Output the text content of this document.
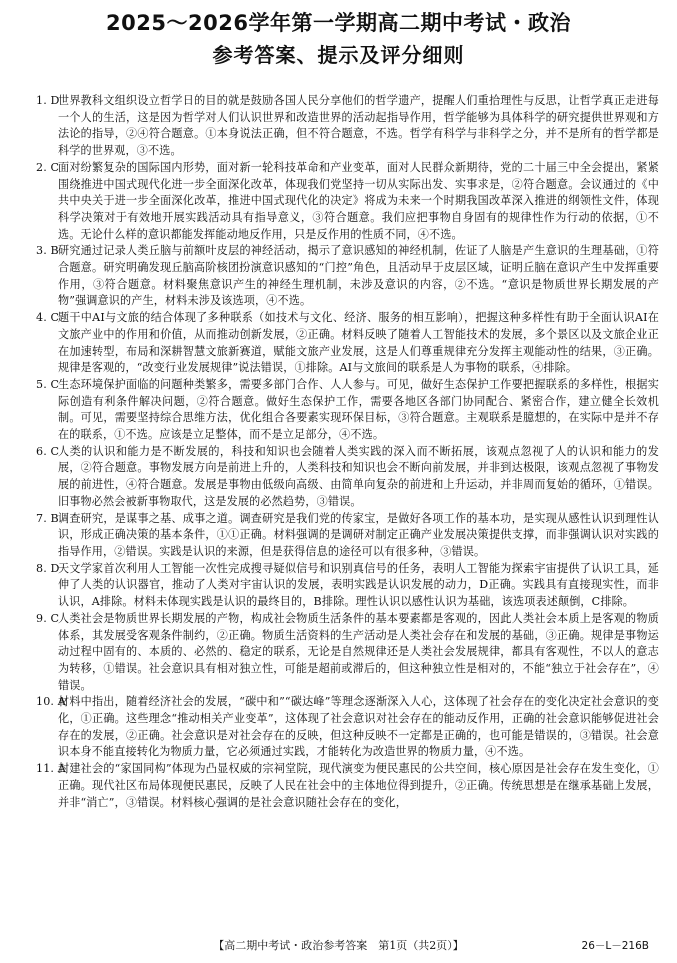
2025～2026学年第一学期高二期中考试・政治
参考答案、提示及评分细则

1. D
世界教科文组织设立哲学日的目的就是鼓励各国人民分享他们的哲学遗产，提醒人们重拾理性与反思，让哲学真正走进每一个人的生活，这是因为哲学对人们认识世界和改造世界的活动起指导作用，哲学能够为具体科学的研究提供世界观和方法论的指导，②④符合题意。①本身说法正确，但不符合题意，不选。哲学有科学与非科学之分，并不是所有的哲学都是科学的世界观，③不选。

2. C
面对纷繁复杂的国际国内形势，面对新一轮科技革命和产业变革，面对人民群众新期待，党的二十届三中全会提出，紧紧围绕推进中国式现代化进一步全面深化改革，体现我们党坚持一切从实际出发、实事求是，②符合题意。会议通过的《中共中央关于进一步全面深化改革，推进中国式现代化的决定》将成为未来一个时期我国改革深入推进的纲领性文件，体现科学决策对于有效地开展实践活动具有指导意义，③符合题意。我们应把事物自身固有的规律性作为行动的依据，①不选。无论什么样的意识都能发挥能动地反作用，只是反作用的性质不同，④不选。

3. B 研究通过记录人类丘脑与前额叶皮层的神经活动，揭示了意识感知的神经机制，佐证了人脑是产生意识的生理基础，①符合题意。研究明确发现丘脑高阶核团扮演意识感知的“门控”角色，且活动早于皮层区域，证明丘脑在意识产生中发挥重要作用，③符合题意。材料聚焦意识产生的神经生理机制，未涉及意识的内容，②不选。“意识是物质世界长期发展的产物”强调意识的产生，材料未涉及该选项，④不选。

4. C
题干中AI与文旅的结合体现了多种联系（如技术与文化、经济、服务的相互影响），把握这种多样性有助于全面认识AI在文旅产业中的作用和价值，从而推动创新发展，②正确。材料反映了随着人工智能技术的发展，多个景区以及文旅企业正在加速转型，布局和深耕智慧文旅新赛道，赋能文旅产业发展，这是人们尊重规律充分发挥主观能动性的结果，③正确。规律是客观的，“改变行业发展规律”说法错误，①排除。AI与文旅间的联系是人为事物的联系，④排除。

5. C
生态环境保护面临的问题种类繁多，需要多部门合作、人人参与。可见，做好生态保护工作要把握联系的多样性，根据实际创造有利条件解决问题，②符合题意。做好生态保护工作，需要各地区各部门协同配合、紧密合作，建立健全长效机制。可见，需要坚持综合思维方法，优化组合各要素实现环保目标，③符合题意。主观联系是臆想的，在实际中是并不存在的联系，①不选。应该是立足整体，而不是立足部分，④不选。

6. C
人类的认识和能力是不断发展的，科技和知识也会随着人类实践的深入而不断拓展，该观点忽视了人的认识和能力的发展，②符合题意。事物发展方向是前进上升的，人类科技和知识也会不断向前发展，并非到达极限，该观点忽视了事物发展的前进性，④符合题意。发展是事物由低级向高级、由简单向复杂的前进和上升运动，并非周而复始的循环，①错误。旧事物必然会被新事物取代，这是发展的必然趋势，③错误。

7. B 调查研究，是谋事之基、成事之道。调查研究是我们党的传家宝，是做好各项工作的基本功，是实现从感性认识到理性认识，形成正确决策的基本条件，①①正确。材料强调的是调研对制定正确产业发展决策提供支撑，而非强调认识对实践的指导作用，②错误。实践是认识的来源，但是获得信息的途径可以有很多种，③错误。

8. D
天文学家首次利用人工智能一次性完成搜寻疑似信号和识别真信号的任务，表明人工智能为探索宇宙提供了认识工具，延伸了人类的认识器官，推动了人类对宇宙认识的发展，表明实践是认识发展的动力，D正确。实践具有直接现实性，而非认识，A排除。材料未体现实践是认识的最终目的，B排除。理性认识以感性认识为基础，该选项表述颠倒，C排除。

9. C
人类社会是物质世界长期发展的产物，构成社会物质生活条件的基本要素都是客观的，因此人类社会本质上是客观的物质体系，其发展受客观条件制约，②正确。物质生活资料的生产活动是人类社会存在和发展的基础，③正确。规律是事物运动过程中固有的、本质的、必然的、稳定的联系，无论是自然规律还是人类社会发展规律，都具有客观性，不以人的意志为转移，①错误。社会意识具有相对独立性，可能是超前或滞后的，但这种独立性是相对的，不能“独立于社会存在”，④错误。

10. A
材料中指出，随着经济社会的发展，“碳中和”“碳达峰”等理念逐渐深入人心，这体现了社会存在的变化决定社会意识的变化，①正确。这些理念“推动相关产业变革”，这体现了社会意识对社会存在的能动反作用，正确的社会意识能够促进社会存在的发展，②正确。社会意识是对社会存在的反映，但这种反映不一定都是正确的，也可能是错误的，③错误。社会意识本身不能直接转化为物质力量，它必须通过实践，才能转化为改造世界的物质力量，④不选。

11. A
封建社会的“家国同构”体现为凸显权威的宗祠堂院，现代演变为便民惠民的公共空间，核心原因是社会存在发生变化，①正确。现代社区布局体现便民惠民，反映了人民在社会中的主体地位得到提升，②正确。传统思想是在继承基础上发展，并非“消亡”，③错误。材料核心强调的是社会意识随社会存在的变化，

【高二期中考试・政治参考答案　第1页（共2页）】	26－L－216B
